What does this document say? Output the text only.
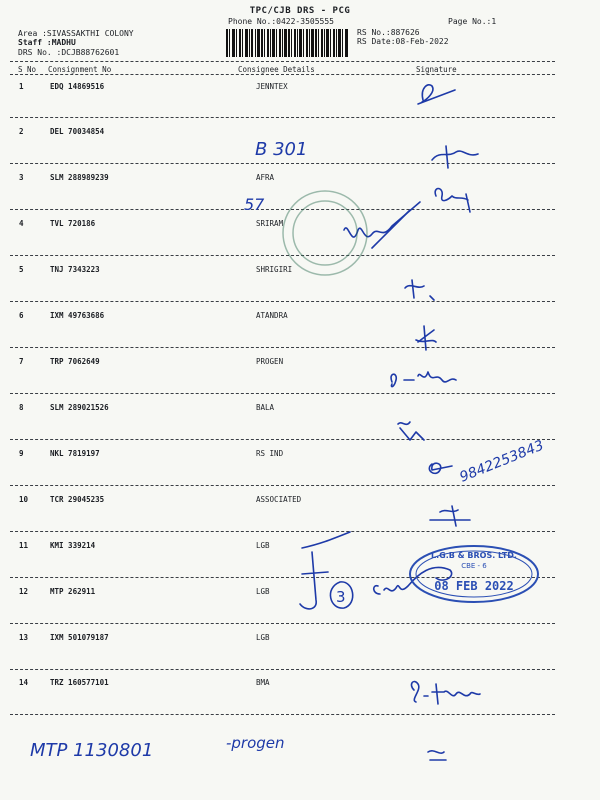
TPC/CJB DRS - PCG
Phone No.:0422-3505555	Page No.:1
Area :SIVASSAKTHI COLONY
Staff :MADHU
DRS No. :DCJB88762601
RS No.:887626
RS Date:08-Feb-2022
S No Consignment No	Consignee Details	Signature
1	EDQ 14869516	JENNTEX
2	DEL 70034854
3	SLM 288989239	AFRA
4	TVL 720186	SRIRAM
5	TNJ 7343223	SHRIGIRI
6	IXM 49763686	ATANDRA
7	TRP 7062649	PROGEN
8	SLM 289021526	BALA
9	NKL 7819197	RS IND
10	TCR 29045235	ASSOCIATED
11	KMI 339214	LGB
12	MTP 262911	LGB
13	IXM 501079187	LGB
14	TRZ 160577101	BMA
B 301
57
9842253843
3
MTP 1130801	-progen
L.G.B & BROS. LTD.
CBE - 6
08 FEB 2022
